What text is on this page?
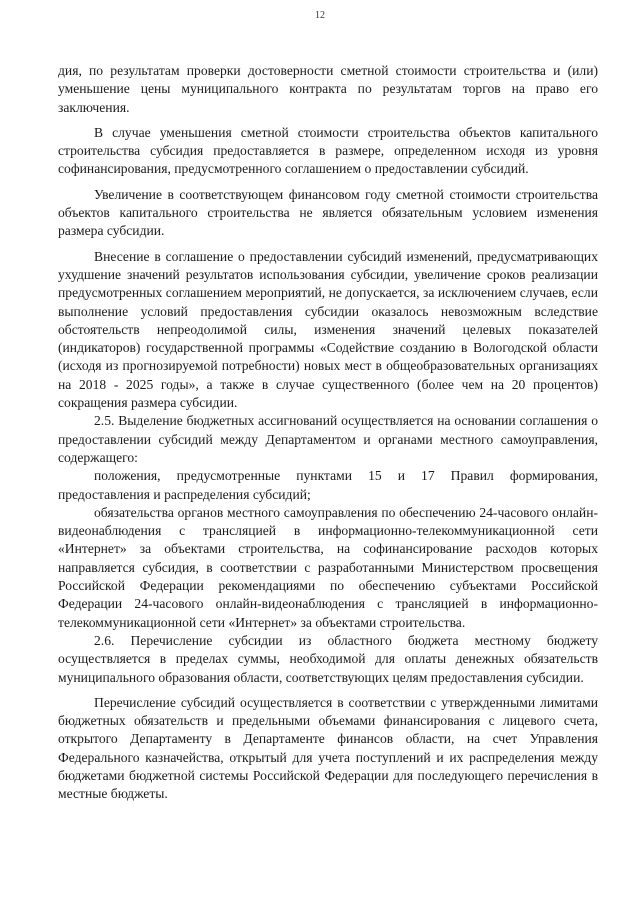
12

дия, по результатам проверки достоверности сметной стоимости строительства и (или) уменьшение цены муниципального контракта по результатам торгов на право его заключения.

В случае уменьшения сметной стоимости строительства объектов капитального строительства субсидия предоставляется в размере, определенном исходя из уровня софинансирования, предусмотренного соглашением о предоставлении субсидий.

Увеличение в соответствующем финансовом году сметной стоимости строительства объектов капитального строительства не является обязательным условием изменения размера субсидии.

Внесение в соглашение о предоставлении субсидий изменений, предусматривающих ухудшение значений результатов использования субсидии, увеличение сроков реализации предусмотренных соглашением мероприятий, не допускается, за исключением случаев, если выполнение условий предоставления субсидии оказалось невозможным вследствие обстоятельств непреодолимой силы, изменения значений целевых показателей (индикаторов) государственной программы «Содействие созданию в Вологодской области (исходя из прогнозируемой потребности) новых мест в общеобразовательных организациях на 2018 - 2025 годы», а также в случае существенного (более чем на 20 процентов) сокращения размера субсидии.

2.5. Выделение бюджетных ассигнований осуществляется на основании соглашения о предоставлении субсидий между Департаментом и органами местного самоуправления, содержащего:

положения, предусмотренные пунктами 15 и 17 Правил формирования, предоставления и распределения субсидий;

обязательства органов местного самоуправления по обеспечению 24-часового онлайн-видеонаблюдения с трансляцией в информационно-телекоммуникационной сети «Интернет» за объектами строительства, на софинансирование расходов которых направляется субсидия, в соответствии с разработанными Министерством просвещения Российской Федерации рекомендациями по обеспечению субъектами Российской Федерации 24-часового онлайн-видеонаблюдения с трансляцией в информационно-телекоммуникационной сети «Интернет» за объектами строительства.

2.6. Перечисление субсидии из областного бюджета местному бюджету осуществляется в пределах суммы, необходимой для оплаты денежных обязательств муниципального образования области, соответствующих целям предоставления субсидии.

Перечисление субсидий осуществляется в соответствии с утвержденными лимитами бюджетных обязательств и предельными объемами финансирования с лицевого счета, открытого Департаменту в Департаменте финансов области, на счет Управления Федерального казначейства, открытый для учета поступлений и их распределения между бюджетами бюджетной системы Российской Федерации для последующего перечисления в местные бюджеты.
